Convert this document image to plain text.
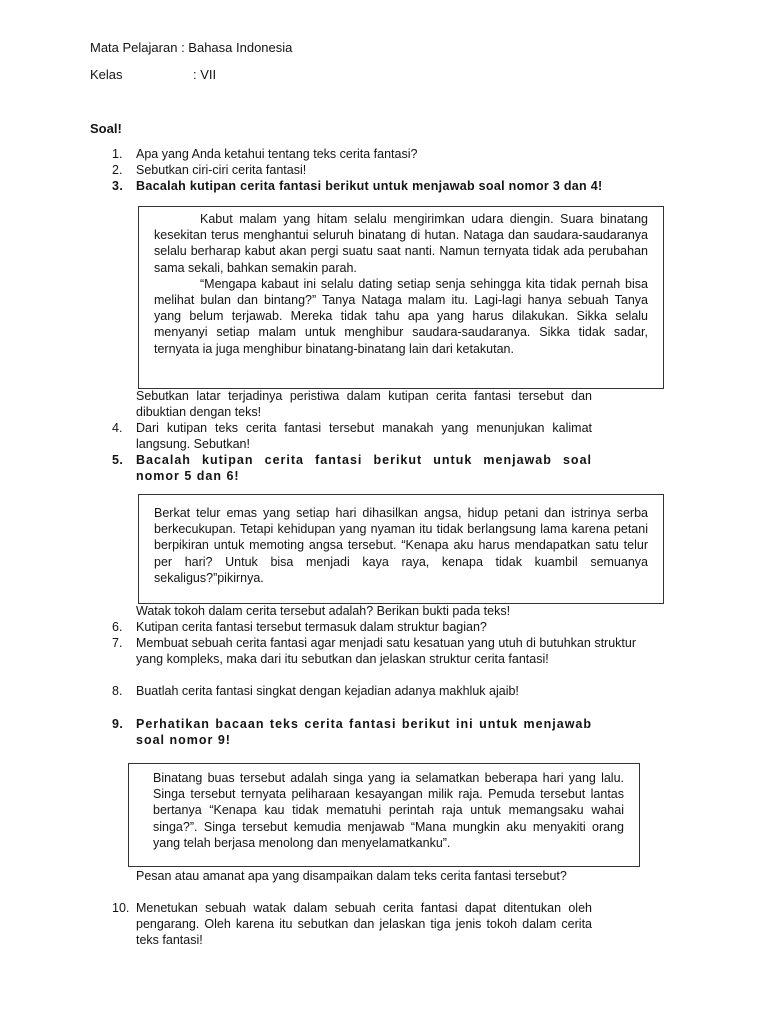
Mata Pelajaran : Bahasa Indonesia
Kelas	: VII
Soal!
1.	Apa yang Anda ketahui tentang teks cerita fantasi?
2.	Sebutkan ciri-ciri cerita fantasi!
3.	Bacalah kutipan cerita fantasi berikut untuk menjawab soal nomor 3 dan 4!

Kabut malam yang hitam selalu mengirimkan udara diengin. Suara binatang kesekitan terus menghantui seluruh binatang di hutan. Nataga dan saudara-saudaranya selalu berharap kabut akan pergi suatu saat nanti. Namun ternyata tidak ada perubahan sama sekali, bahkan semakin parah.

“Mengapa kabaut ini selalu dating setiap senja sehingga kita tidak pernah bisa melihat bulan dan bintang?” Tanya Nataga malam itu. Lagi-lagi hanya sebuah Tanya yang belum terjawab. Mereka tidak tahu apa yang harus dilakukan. Sikka selalu menyanyi setiap malam untuk menghibur saudara-saudaranya. Sikka tidak sadar, ternyata ia juga menghibur binatang-binatang lain dari ketakutan.

Sebutkan latar terjadinya peristiwa dalam kutipan cerita fantasi tersebut dan dibuktian dengan teks!
4.	Dari kutipan teks cerita fantasi tersebut manakah yang menunjukan kalimat langsung. Sebutkan!
5.	Bacalah kutipan cerita fantasi berikut untuk menjawab soal nomor 5 dan 6!

Berkat telur emas yang setiap hari dihasilkan angsa, hidup petani dan istrinya serba berkecukupan. Tetapi kehidupan yang nyaman itu tidak berlangsung lama karena petani berpikiran untuk memoting angsa tersebut. “Kenapa aku harus mendapatkan satu telur per hari? Untuk bisa menjadi kaya raya, kenapa tidak kuambil semuanya sekaligus?”pikirnya.

Watak tokoh dalam cerita tersebut adalah? Berikan bukti pada teks!
6.	Kutipan cerita fantasi tersebut termasuk dalam struktur bagian?
7.	Membuat sebuah cerita fantasi agar menjadi satu kesatuan yang utuh di butuhkan struktur yang kompleks, maka dari itu sebutkan dan jelaskan struktur cerita fantasi!
8.	Buatlah cerita fantasi singkat dengan kejadian adanya makhluk ajaib!
9.	Perhatikan bacaan teks cerita fantasi berikut ini untuk menjawab soal nomor 9!

Binatang buas tersebut adalah singa yang ia selamatkan beberapa hari yang lalu. Singa tersebut ternyata peliharaan kesayangan milik raja. Pemuda tersebut lantas bertanya “Kenapa kau tidak mematuhi perintah raja untuk memangsaku wahai singa?”. Singa tersebut kemudia menjawab “Mana mungkin aku menyakiti orang yang telah berjasa menolong dan menyelamatkanku”.

Pesan atau amanat apa yang disampaikan dalam teks cerita fantasi tersebut?
10. Menetukan sebuah watak dalam sebuah cerita fantasi dapat ditentukan oleh pengarang. Oleh karena itu sebutkan dan jelaskan tiga jenis tokoh dalam cerita teks fantasi!
